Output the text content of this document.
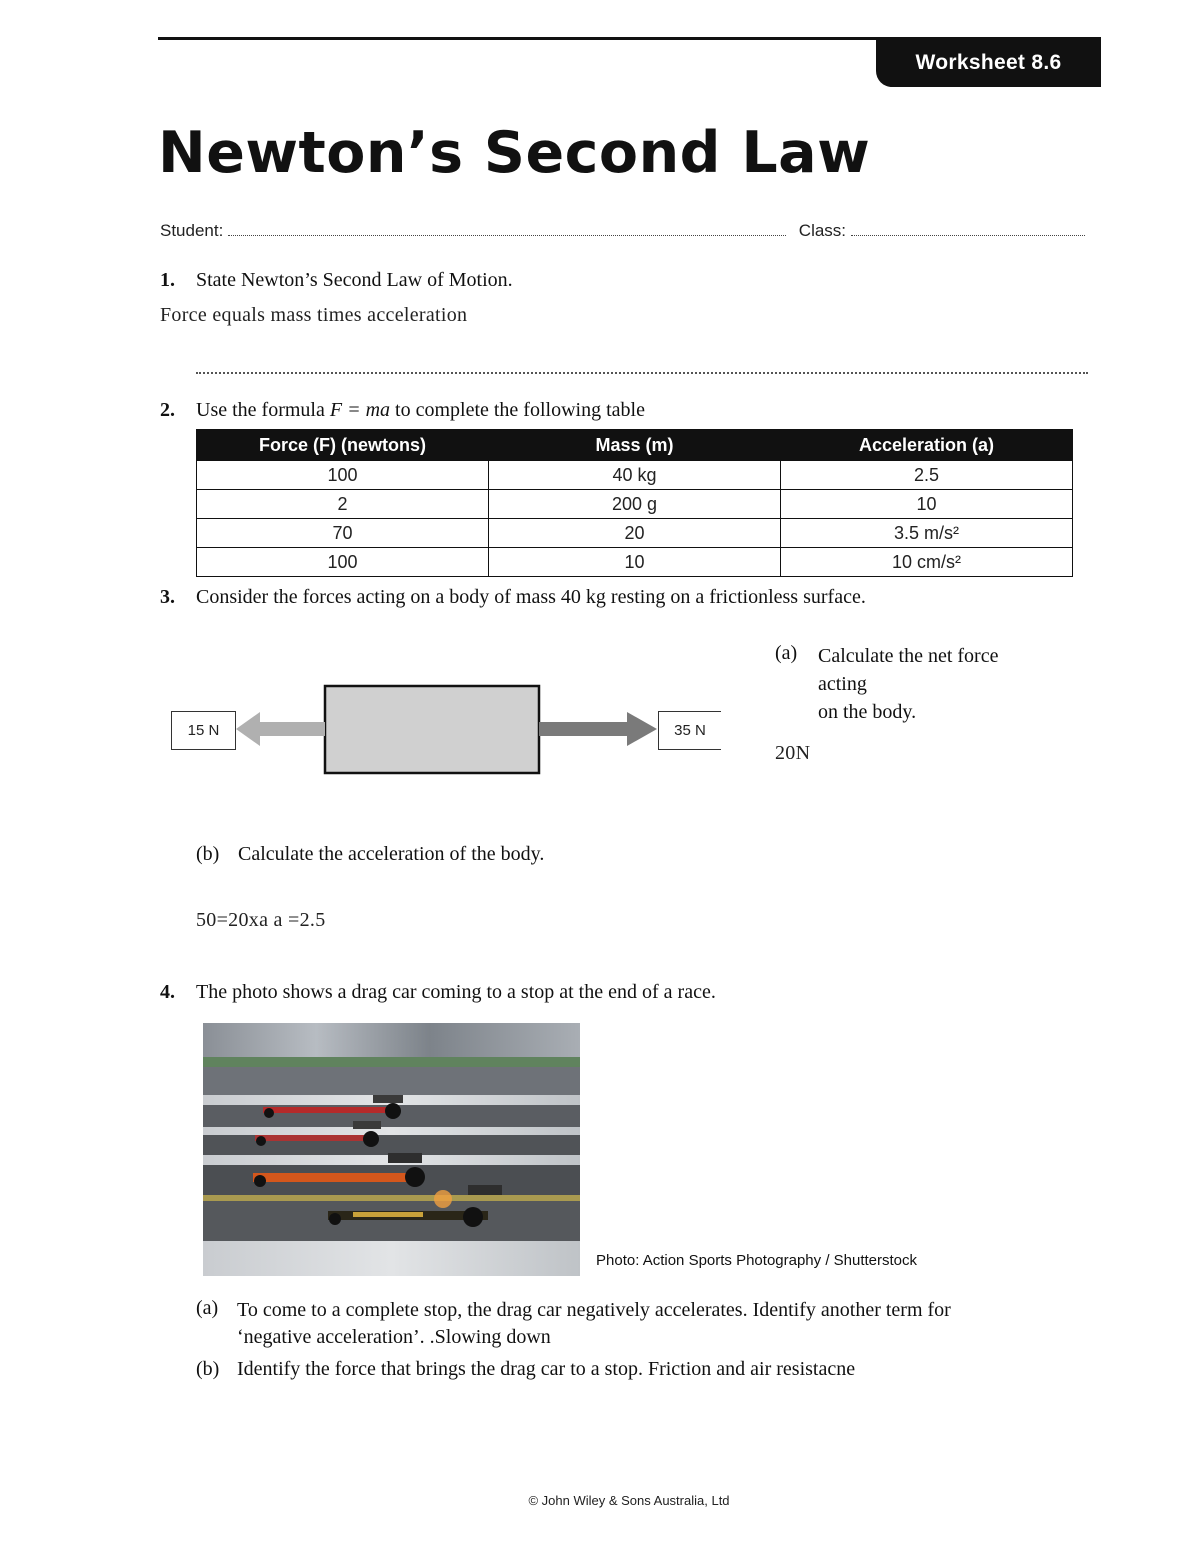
Worksheet 8.6
Newton’s Second Law
Student:	Class:
1. State Newton’s Second Law of Motion.
Force equals mass times acceleration
2. Use the formula F = ma to complete the following table
Force (F) (newtons)	Mass (m)	Acceleration (a)
100	40 kg	2.5
2	200 g	10
70	20	3.5 m/s²
100	10	10 cm/s²
3. Consider the forces acting on a body of mass 40 kg resting on a frictionless surface.
15 N	35 N
(a) Calculate the net force
acting
on the body.
20N
(b) Calculate the acceleration of the body.
50=20xa a =2.5
4. The photo shows a drag car coming to a stop at the end of a race.
Photo: Action Sports Photography / Shutterstock
(a) To come to a complete stop, the drag car negatively accelerates. Identify another term for
‘negative acceleration’. .Slowing down
(b) Identify the force that brings the drag car to a stop. Friction and air resistacne
© John Wiley & Sons Australia, Ltd
